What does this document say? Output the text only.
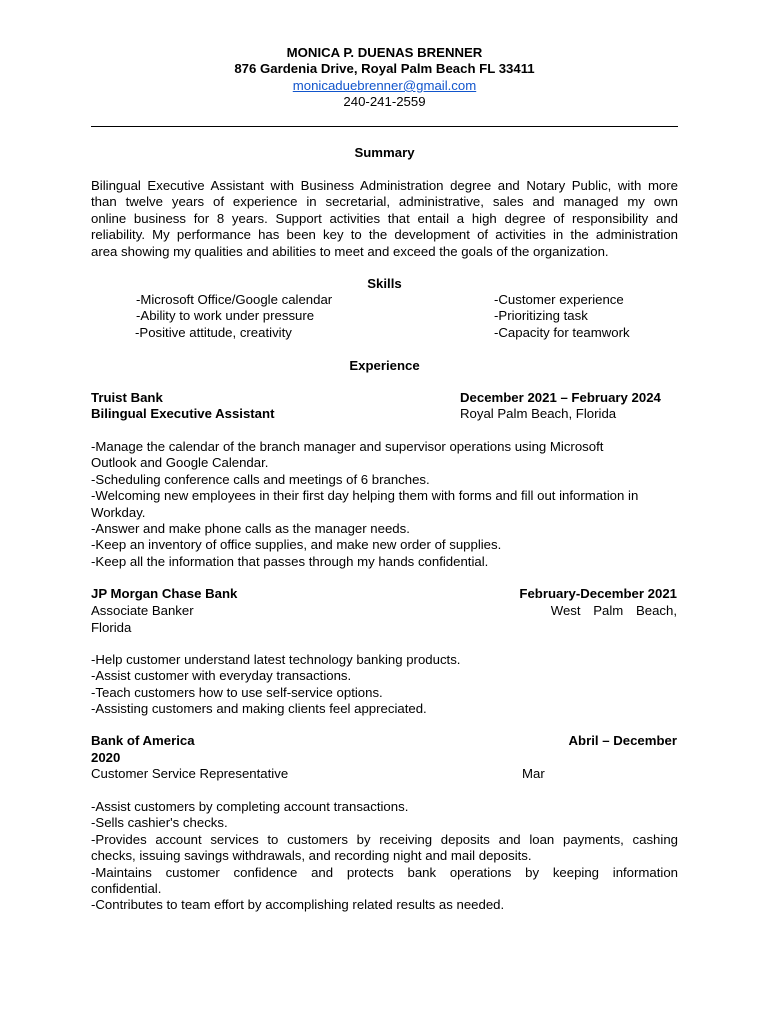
MONICA P. DUENAS BRENNER
876 Gardenia Drive, Royal Palm Beach FL 33411
monicaduebrenner@gmail.com
240-241-2559
Summary
Bilingual Executive Assistant with Business Administration degree and Notary Public, with more
than twelve years of experience in secretarial, administrative, sales and managed my own
online business for 8 years. Support activities that entail a high degree of responsibility and
reliability. My performance has been key to the development of activities in the administration
area showing my qualities and abilities to meet and exceed the goals of the organization.
Skills
-Microsoft Office/Google calendar
-Ability to work under pressure
-Positive attitude, creativity
-Customer experience
-Prioritizing task
-Capacity for teamwork
Experience
Truist Bank
Bilingual Executive Assistant
December 2021 – February 2024
Royal Palm Beach, Florida
-Manage the calendar of the branch manager and supervisor operations using Microsoft
Outlook and Google Calendar.
-Scheduling conference calls and meetings of 6 branches.
-Welcoming new employees in their first day helping them with forms and fill out information in
Workday.
-Answer and make phone calls as the manager needs.
-Keep an inventory of office supplies, and make new order of supplies.
-Keep all the information that passes through my hands confidential.
JP Morgan Chase Bank
Associate Banker
February-December 2021
West Palm Beach,
Florida
-Help customer understand latest technology banking products.
-Assist customer with everyday transactions.
-Teach customers how to use self-service options.
-Assisting customers and making clients feel appreciated.
Bank of America	Abril – December
2020
Customer Service Representative	Mar
-Assist customers by completing account transactions.
-Sells cashier's checks.
-Provides account services to customers by receiving deposits and loan payments, cashing
checks, issuing savings withdrawals, and recording night and mail deposits.
-Maintains customer confidence and protects bank operations by keeping information
confidential.
-Contributes to team effort by accomplishing related results as needed.
